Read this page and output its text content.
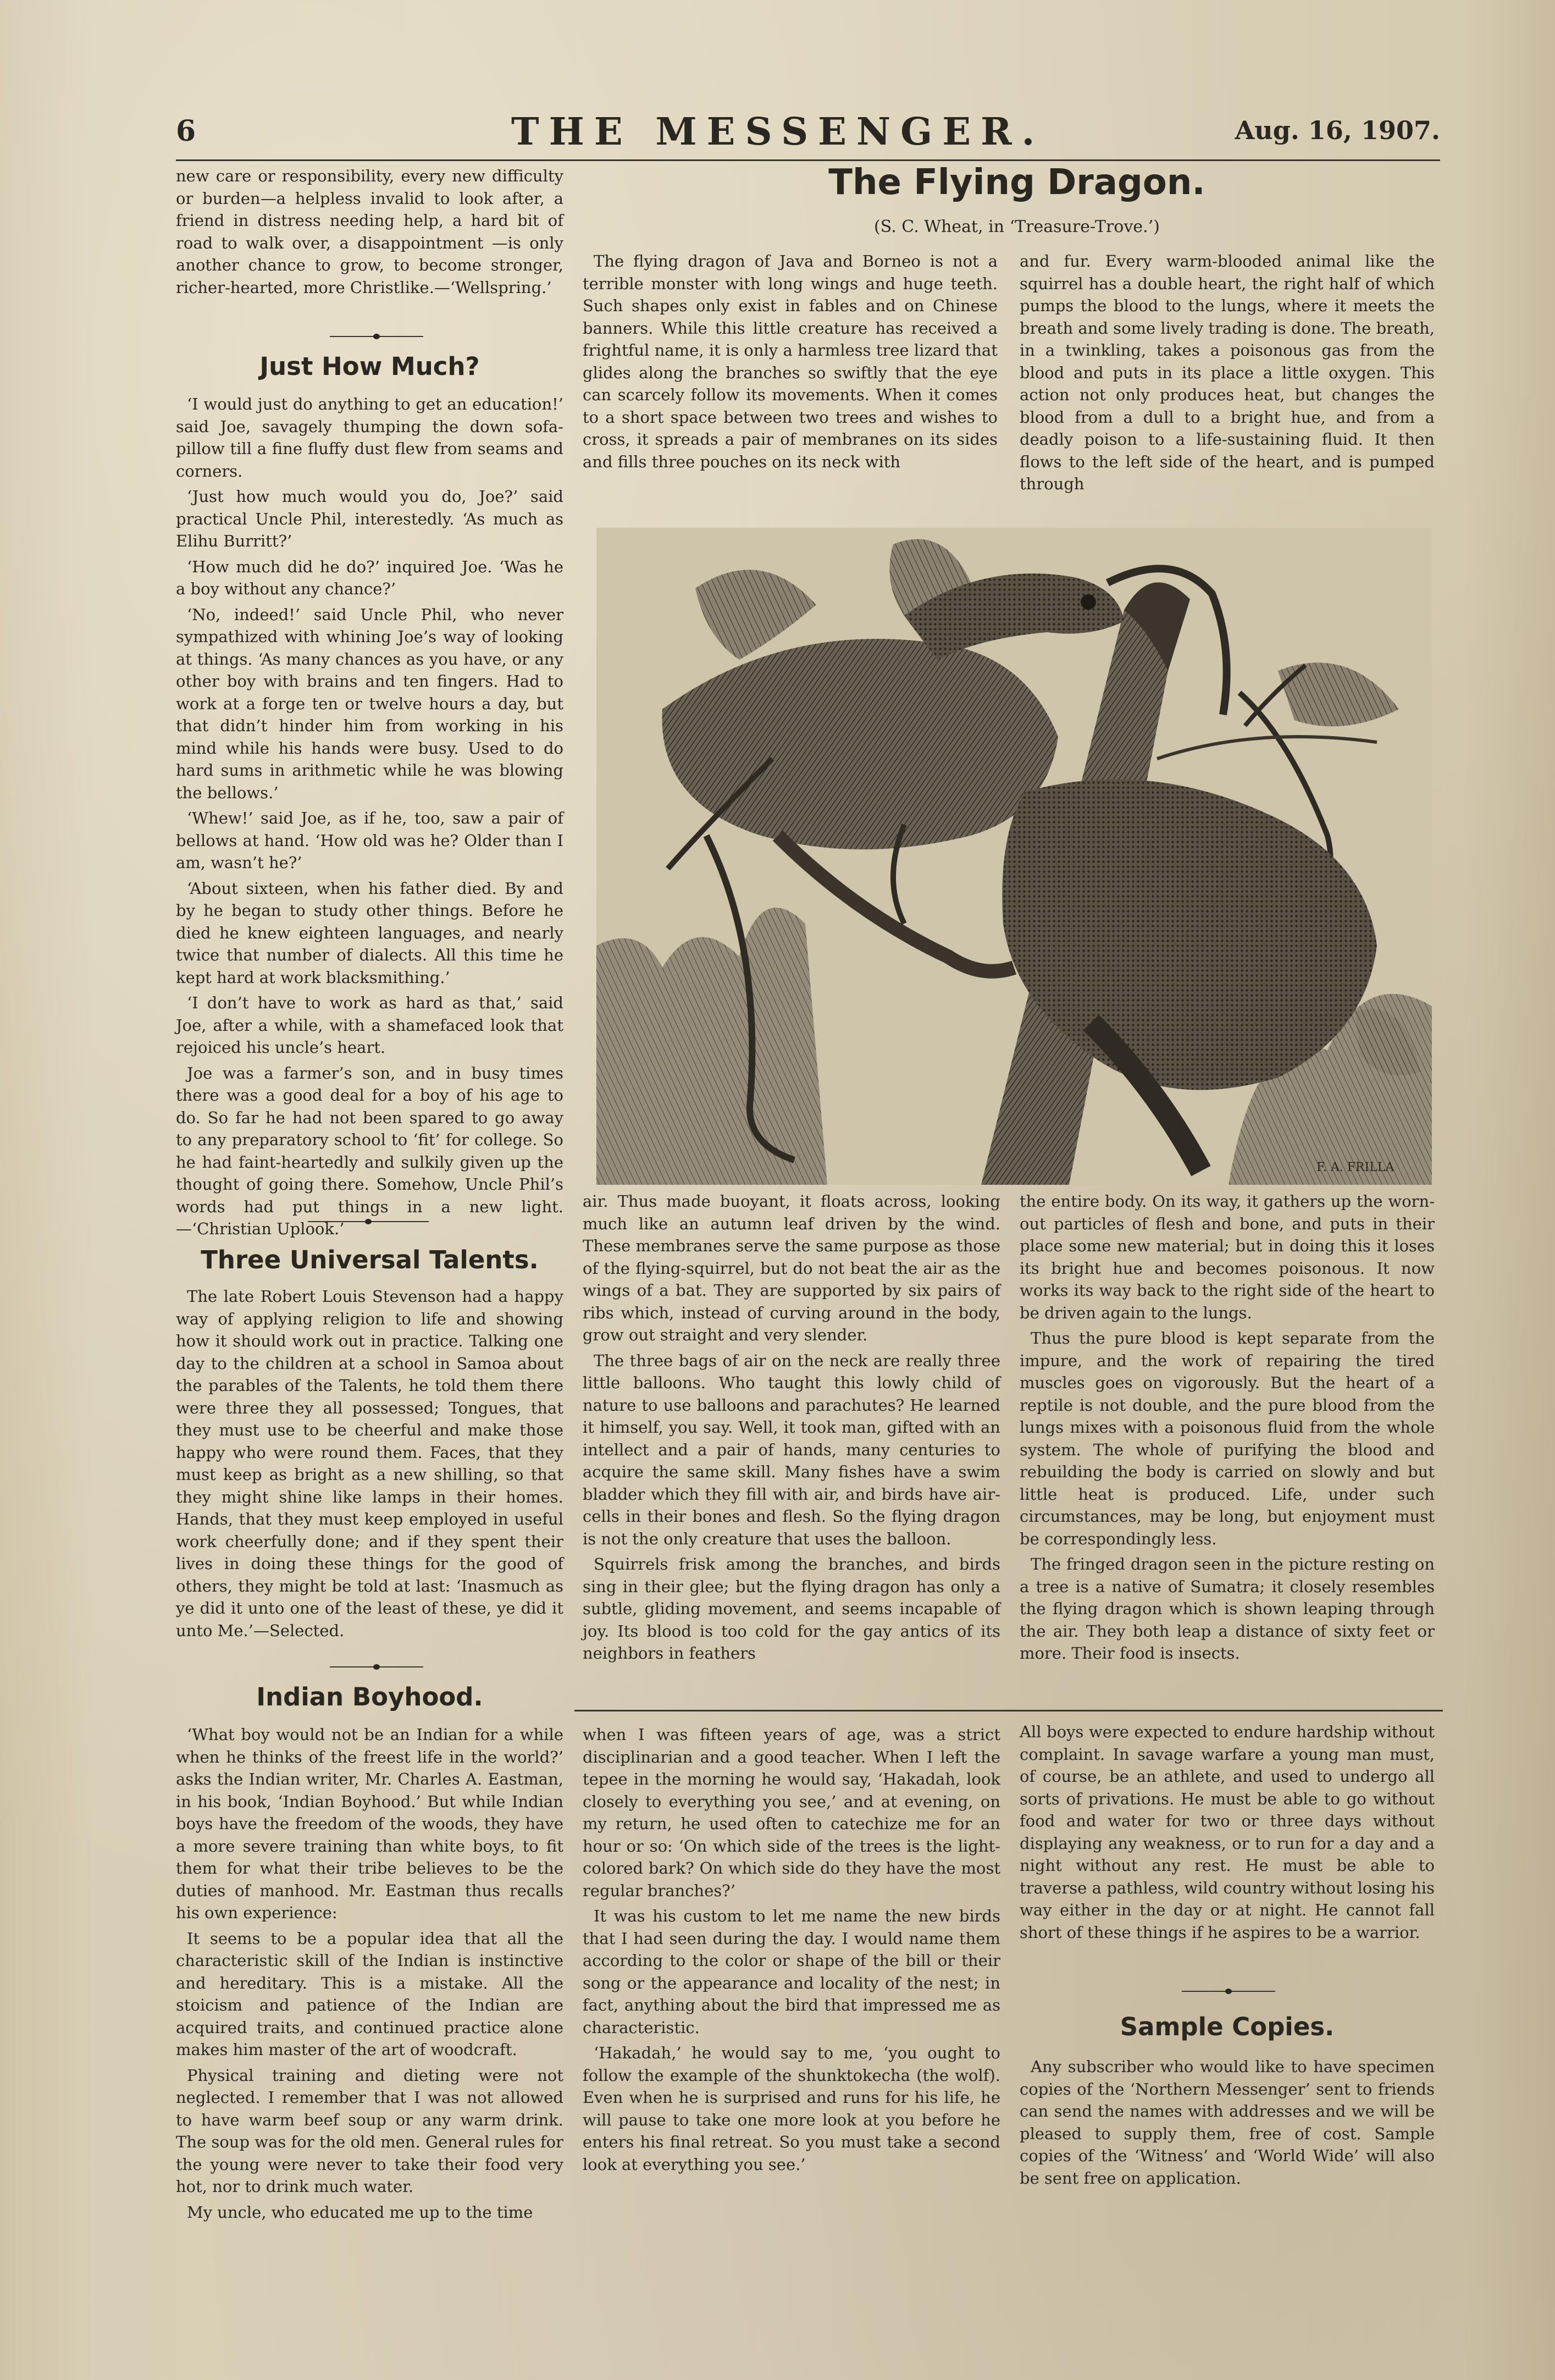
6	THE MESSENGER.	Aug. 16, 1907.

new care or responsibility, every new difficulty or burden—a helpless invalid to look after, a friend in distress needing help, a hard bit of road to walk over, a disappointment —is only another chance to grow, to become stronger, richer-hearted, more Christlike.—‘Wellspring.’

Just How Much?

‘I would just do anything to get an education!’ said Joe, savagely thumping the down sofa-pillow till a fine fluffy dust flew from seams and corners.

‘Just how much would you do, Joe?’ said practical Uncle Phil, interestedly. ‘As much as Elihu Burritt?’

‘How much did he do?’ inquired Joe. ‘Was he a boy without any chance?’

‘No, indeed!’ said Uncle Phil, who never sympathized with whining Joe’s way of looking at things. ‘As many chances as you have, or any other boy with brains and ten fingers. Had to work at a forge ten or twelve hours a day, but that didn’t hinder him from working in his mind while his hands were busy. Used to do hard sums in arithmetic while he was blowing the bellows.’

‘Whew!’ said Joe, as if he, too, saw a pair of bellows at hand. ‘How old was he? Older than I am, wasn’t he?’

‘About sixteen, when his father died. By and by he began to study other things. Before he died he knew eighteen languages, and nearly twice that number of dialects. All this time he kept hard at work blacksmithing.’

‘I don’t have to work as hard as that,’ said Joe, after a while, with a shamefaced look that rejoiced his uncle’s heart.

Joe was a farmer’s son, and in busy times there was a good deal for a boy of his age to do. So far he had not been spared to go away to any preparatory school to ‘fit’ for college. So he had faint-heartedly and sulkily given up the thought of going there. Somehow, Uncle Phil’s words had put things in a new light.—‘Christian Uplook.’

Three Universal Talents.

The late Robert Louis Stevenson had a happy way of applying religion to life and showing how it should work out in practice. Talking one day to the children at a school in Samoa about the parables of the Talents, he told them there were three they all possessed; Tongues, that they must use to be cheerful and make those happy who were round them. Faces, that they must keep as bright as a new shilling, so that they might shine like lamps in their homes. Hands, that they must keep employed in useful work cheerfully done; and if they spent their lives in doing these things for the good of others, they might be told at last: ‘Inasmuch as ye did it unto one of the least of these, ye did it unto Me.’—Selected.

Indian Boyhood.

‘What boy would not be an Indian for a while when he thinks of the freest life in the world?’ asks the Indian writer, Mr. Charles A. Eastman, in his book, ‘Indian Boyhood.’ But while Indian boys have the freedom of the woods, they have a more severe training than white boys, to fit them for what their tribe believes to be the duties of manhood. Mr. Eastman thus recalls his own experience:

It seems to be a popular idea that all the characteristic skill of the Indian is instinctive and hereditary. This is a mistake. All the stoicism and patience of the Indian are acquired traits, and continued practice alone makes him master of the art of woodcraft.

Physical training and dieting were not neglected. I remember that I was not allowed to have warm beef soup or any warm drink. The soup was for the old men. General rules for the young were never to take their food very hot, nor to drink much water.

My uncle, who educated me up to the time

The Flying Dragon.
(S. C. Wheat, in ‘Treasure-Trove.’)

The flying dragon of Java and Borneo is not a terrible monster with long wings and huge teeth. Such shapes only exist in fables and on Chinese banners. While this little creature has received a frightful name, it is only a harmless tree lizard that glides along the branches so swiftly that the eye can scarcely follow its movements. When it comes to a short space between two trees and wishes to cross, it spreads a pair of membranes on its sides and fills three pouches on its neck with

and fur. Every warm-blooded animal like the squirrel has a double heart, the right half of which pumps the blood to the lungs, where it meets the breath and some lively trading is done. The breath, in a twinkling, takes a poisonous gas from the blood and puts in its place a little oxygen. This action not only produces heat, but changes the blood from a dull to a bright hue, and from a deadly poison to a life-sustaining fluid. It then flows to the left side of the heart, and is pumped through

F. A. FRILLA

air. Thus made buoyant, it floats across, looking much like an autumn leaf driven by the wind. These membranes serve the same purpose as those of the flying-squirrel, but do not beat the air as the wings of a bat. They are supported by six pairs of ribs which, instead of curving around in the body, grow out straight and very slender.

The three bags of air on the neck are really three little balloons. Who taught this lowly child of nature to use balloons and parachutes? He learned it himself, you say. Well, it took man, gifted with an intellect and a pair of hands, many centuries to acquire the same skill. Many fishes have a swim bladder which they fill with air, and birds have air-cells in their bones and flesh. So the flying dragon is not the only creature that uses the balloon.

Squirrels frisk among the branches, and birds sing in their glee; but the flying dragon has only a subtle, gliding movement, and seems incapable of joy. Its blood is too cold for the gay antics of its neighbors in feathers

the entire body. On its way, it gathers up the worn-out particles of flesh and bone, and puts in their place some new material; but in doing this it loses its bright hue and becomes poisonous. It now works its way back to the right side of the heart to be driven again to the lungs.

Thus the pure blood is kept separate from the impure, and the work of repairing the tired muscles goes on vigorously. But the heart of a reptile is not double, and the pure blood from the lungs mixes with a poisonous fluid from the whole system. The whole of purifying the blood and rebuilding the body is carried on slowly and but little heat is produced. Life, under such circumstances, may be long, but enjoyment must be correspondingly less.

The fringed dragon seen in the picture resting on a tree is a native of Sumatra; it closely resembles the flying dragon which is shown leaping through the air. They both leap a distance of sixty feet or more. Their food is insects.

when I was fifteen years of age, was a strict disciplinarian and a good teacher. When I left the tepee in the morning he would say, ‘Hakadah, look closely to everything you see,’ and at evening, on my return, he used often to catechize me for an hour or so: ‘On which side of the trees is the light-colored bark? On which side do they have the most regular branches?’

It was his custom to let me name the new birds that I had seen during the day. I would name them according to the color or shape of the bill or their song or the appearance and locality of the nest; in fact, anything about the bird that impressed me as characteristic.

‘Hakadah,’ he would say to me, ‘you ought to follow the example of the shunktokecha (the wolf). Even when he is surprised and runs for his life, he will pause to take one more look at you before he enters his final retreat. So you must take a second look at everything you see.’

All boys were expected to endure hardship without complaint. In savage warfare a young man must, of course, be an athlete, and used to undergo all sorts of privations. He must be able to go without food and water for two or three days without displaying any weakness, or to run for a day and a night without any rest. He must be able to traverse a pathless, wild country without losing his way either in the day or at night. He cannot fall short of these things if he aspires to be a warrior.

Sample Copies.

Any subscriber who would like to have specimen copies of the ‘Northern Messenger’ sent to friends can send the names with addresses and we will be pleased to supply them, free of cost. Sample copies of the ‘Witness’ and ‘World Wide’ will also be sent free on application.
